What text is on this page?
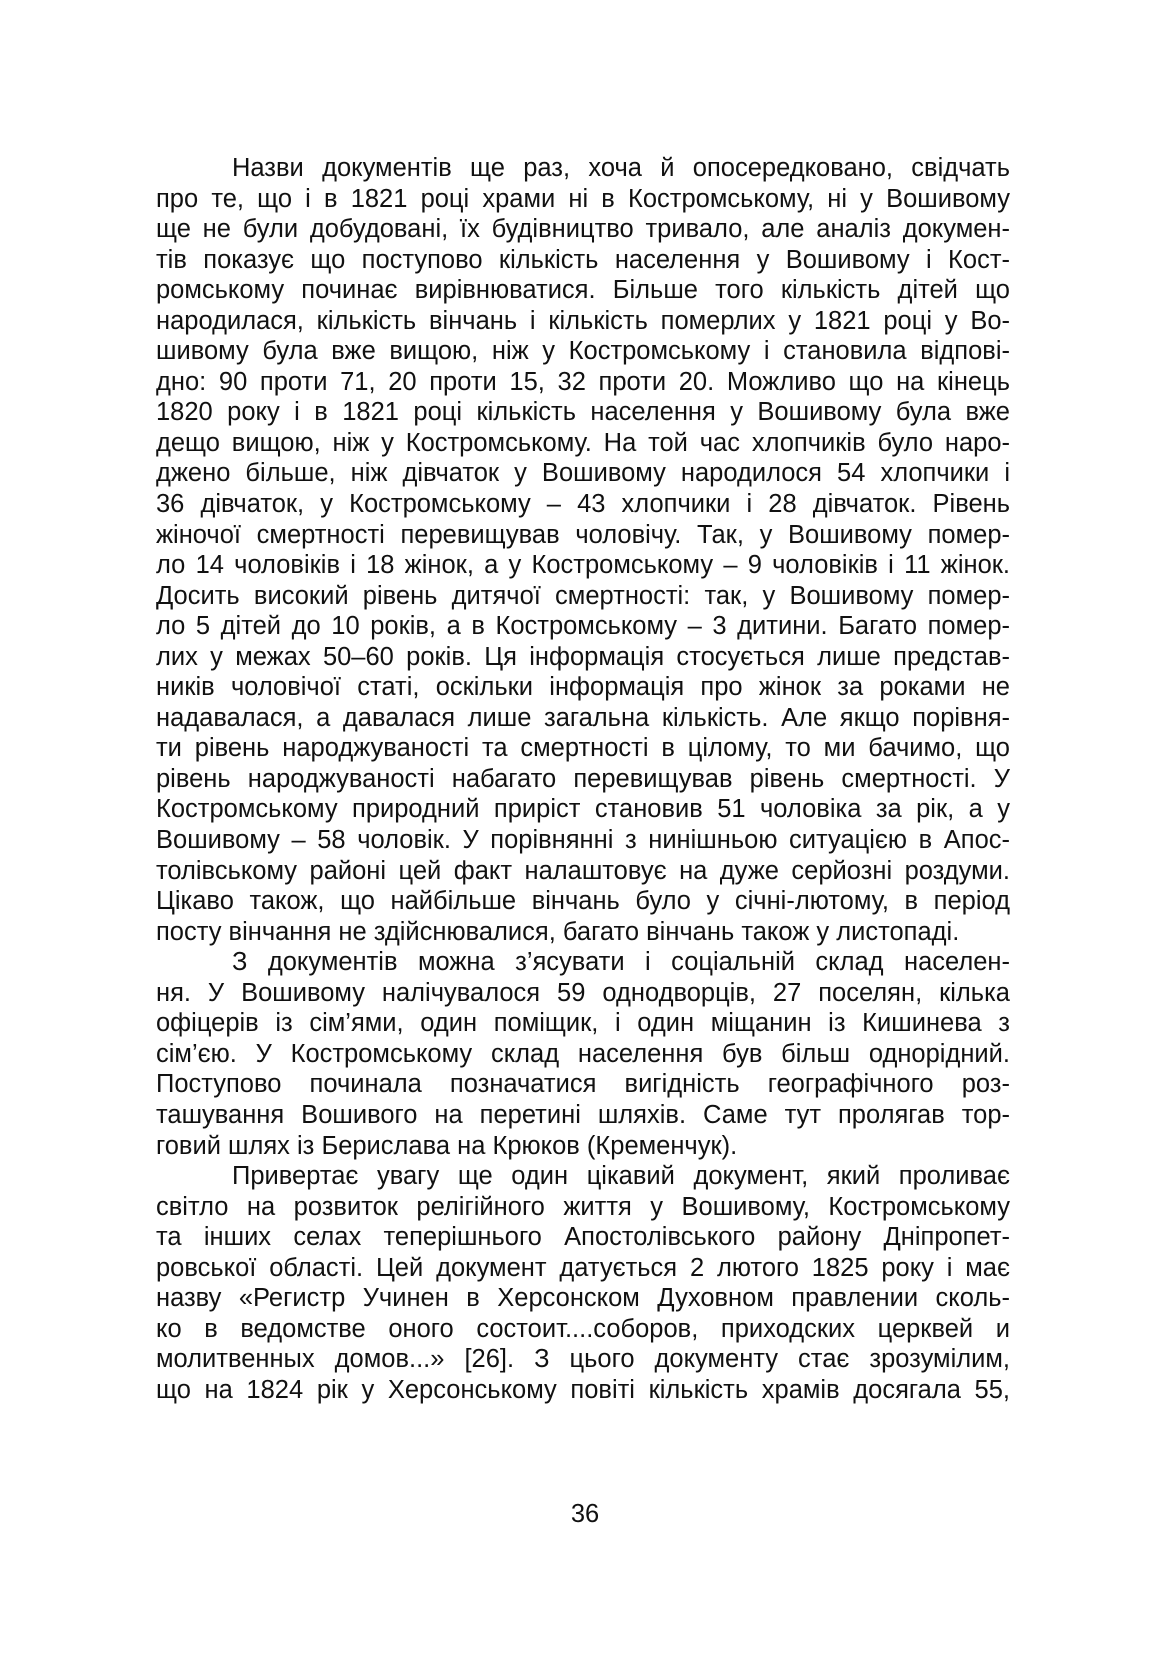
Назви документів ще раз, хоча й опосередковано, свідчать
про те, що і в 1821 році храми ні в Костромському, ні у Вошивому
ще не були добудовані, їх будівництво тривало, але аналіз докумен-
тів показує що поступово кількість населення у Вошивому і Кост-
ромському починає вирівнюватися. Більше того кількість дітей що
народилася, кількість вінчань і кількість померлих у 1821 році у Во-
шивому була вже вищою, ніж у Костромському і становила відпові-
дно: 90 проти 71, 20 проти 15, 32 проти 20. Можливо що на кінець
1820 року і в 1821 році кількість населення у Вошивому була вже
дещо вищою, ніж у Костромському. На той час хлопчиків було наро-
джено більше, ніж дівчаток у Вошивому народилося 54 хлопчики і
36 дівчаток, у Костромському – 43 хлопчики і 28 дівчаток. Рівень
жіночої смертності перевищував чоловічу. Так, у Вошивому помер-
ло 14 чоловіків і 18 жінок, а у Костромському – 9 чоловіків і 11 жінок.
Досить високий рівень дитячої смертності: так, у Вошивому помер-
ло 5 дітей до 10 років, а в Костромському – 3 дитини. Багато помер-
лих у межах 50–60 років. Ця інформація стосується лише представ-
ників чоловічої статі, оскільки інформація про жінок за роками не
надавалася, а давалася лише загальна кількість. Але якщо порівня-
ти рівень народжуваності та смертності в цілому, то ми бачимо, що
рівень народжуваності набагато перевищував рівень смертності. У
Костромському природний приріст становив 51 чоловіка за рік, а у
Вошивому – 58 чоловік. У порівнянні з нинішньою ситуацією в Апос-
толівському районі цей факт налаштовує на дуже серйозні роздуми.
Цікаво також, що найбільше вінчань було у січні-лютому, в період
посту вінчання не здійснювалися, багато вінчань також у листопаді.
З документів можна з’ясувати і соціальній склад населен-
ня. У Вошивому налічувалося 59 однодворців, 27 поселян, кілька
офіцерів із сім’ями, один поміщик, і один міщанин із Кишинева з
сім’єю. У Костромському склад населення був більш однорідний.
Поступово починала позначатися вигідність географічного роз-
ташування Вошивого на перетині шляхів. Саме тут пролягав тор-
говий шлях із Берислава на Крюков (Кременчук).
Привертає увагу ще один цікавий документ, який проливає
світло на розвиток релігійного життя у Вошивому, Костромському
та інших селах теперішнього Апостолівського району Дніпропет-
ровської області. Цей документ датується 2 лютого 1825 року і має
назву «Регистр Учинен в Херсонском Духовном правлении сколь-
ко в ведомстве оного состоит....соборов, приходских церквей и
молитвенных домов...» [26]. З цього документу стає зрозумілим,
що на 1824 рік у Херсонському повіті кількість храмів досягала 55,
36
